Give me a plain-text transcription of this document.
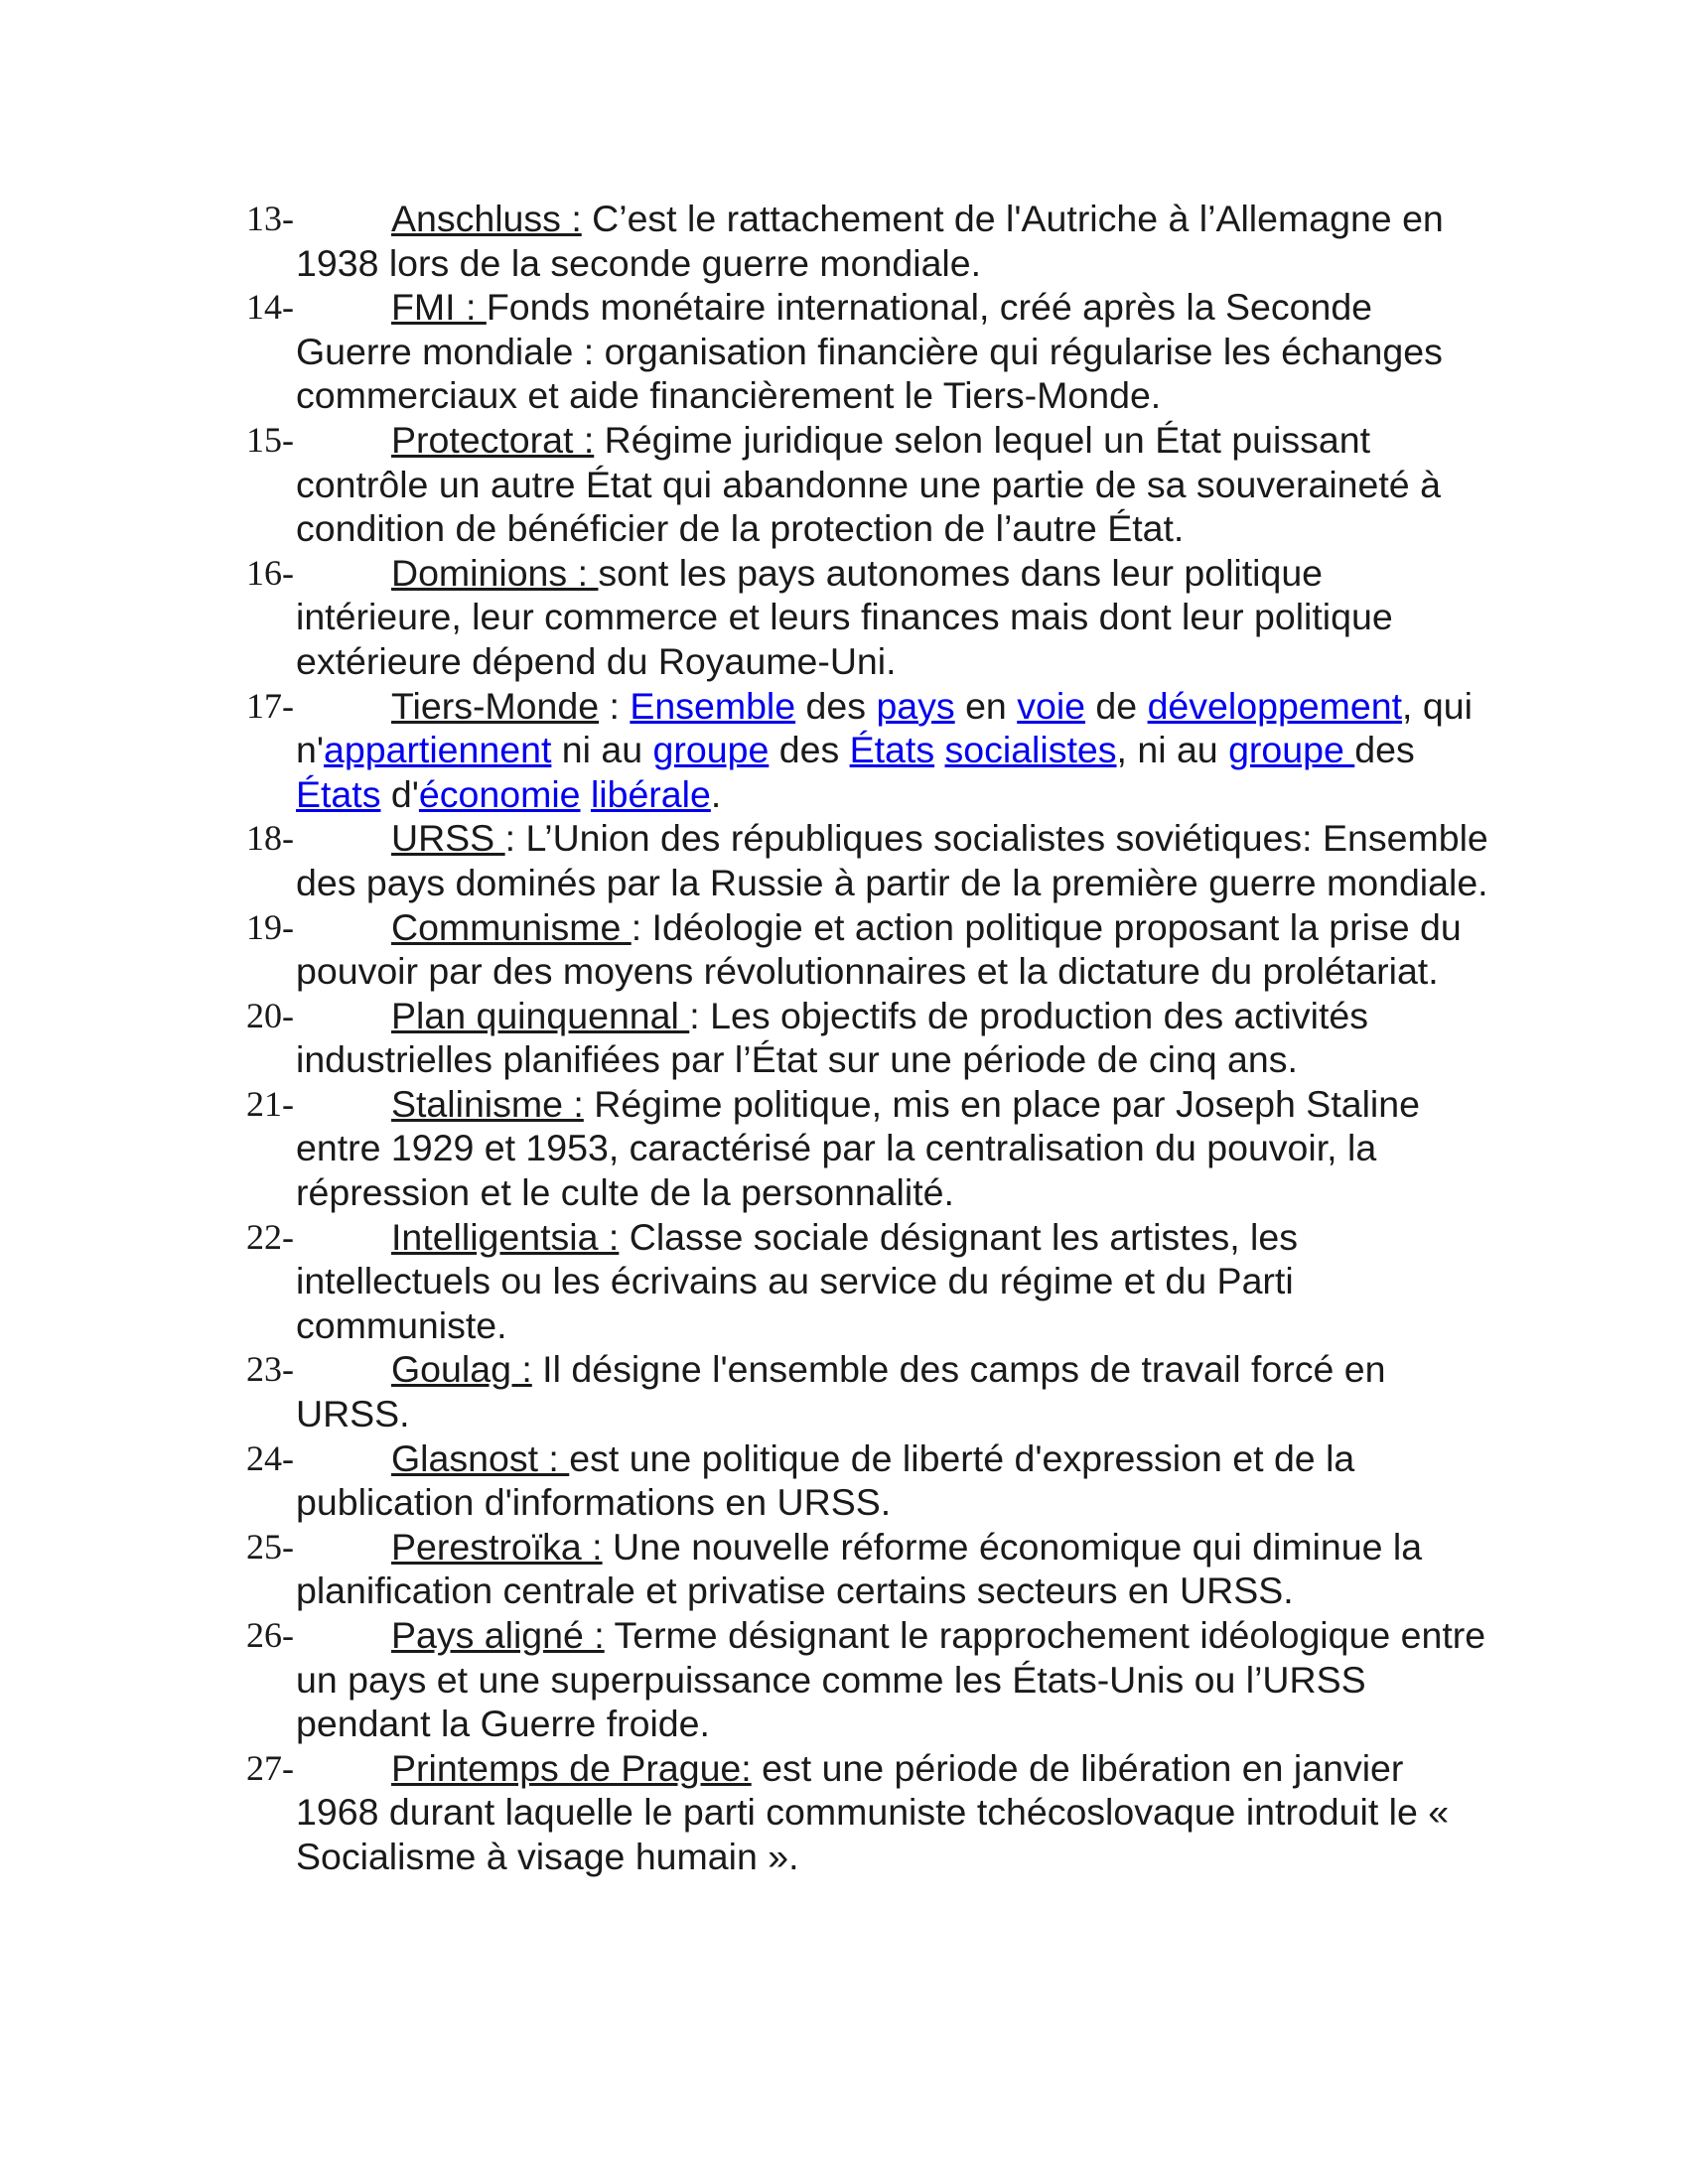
13-	Anschluss : C’est le rattachement de l'Autriche à l’Allemagne en 1938 lors de la seconde guerre mondiale.
14-	FMI : Fonds monétaire international, créé après la Seconde Guerre mondiale : organisation financière qui régularise les échanges commerciaux et aide financièrement le Tiers-Monde.
15-	Protectorat : Régime juridique selon lequel un État puissant contrôle un autre État qui abandonne une partie de sa souveraineté à condition de bénéficier de la protection de l’autre État.
16-	Dominions : sont les pays autonomes dans leur politique intérieure, leur commerce et leurs finances mais dont leur politique extérieure dépend du Royaume-Uni.
17-	Tiers-Monde : Ensemble des pays en voie de développement, qui n'appartiennent ni au groupe des États socialistes, ni au groupe des États d'économie libérale.
18-	URSS : L’Union des républiques socialistes soviétiques: Ensemble des pays dominés par la Russie à partir de la première guerre mondiale.
19-	Communisme : Idéologie et action politique proposant la prise du pouvoir par des moyens révolutionnaires et la dictature du prolétariat.
20-	Plan quinquennal : Les objectifs de production des activités industrielles planifiées par l’État sur une période de cinq ans.
21-	Stalinisme : Régime politique, mis en place par Joseph Staline entre 1929 et 1953, caractérisé par la centralisation du pouvoir, la répression et le culte de la personnalité.
22-	Intelligentsia : Classe sociale désignant les artistes, les intellectuels ou les écrivains au service du régime et du Parti communiste.
23-	Goulag : Il désigne l'ensemble des camps de travail forcé en URSS.
24-	Glasnost : est une politique de liberté d'expression et de la publication d'informations en URSS.
25-	Perestroïka : Une nouvelle réforme économique qui diminue la planification centrale et privatise certains secteurs en URSS.
26-	Pays aligné : Terme désignant le rapprochement idéologique entre un pays et une superpuissance comme les États-Unis ou l’URSS pendant la Guerre froide.
27-	Printemps de Prague: est une période de libération en janvier 1968 durant laquelle le parti communiste tchécoslovaque introduit le « Socialisme à visage humain ».
